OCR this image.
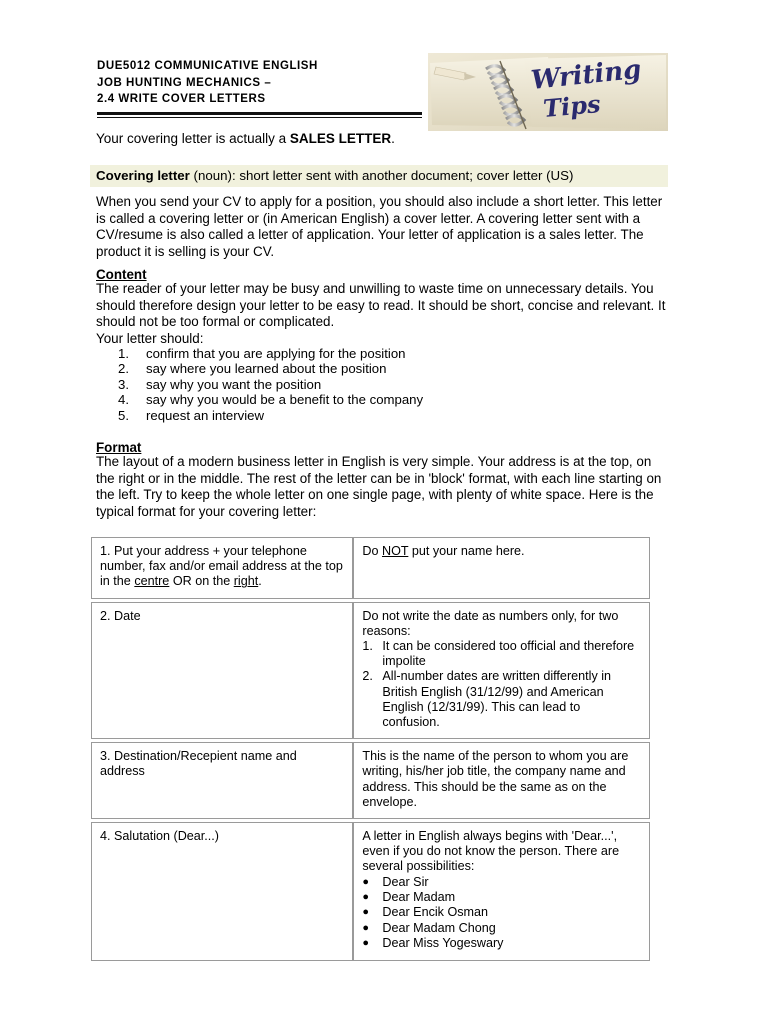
DUE5012 COMMUNICATIVE ENGLISH
JOB HUNTING MECHANICS –
2.4 WRITE COVER LETTERS
Writing
Tips
Your covering letter is actually a SALES LETTER.
Covering letter (noun): short letter sent with another document; cover letter (US)
When you send your CV to apply for a position, you should also include a short letter. This letter is called a covering letter or (in American English) a cover letter. A covering letter sent with a CV/resume is also called a letter of application. Your letter of application is a sales letter. The product it is selling is your CV.
Content
The reader of your letter may be busy and unwilling to waste time on unnecessary details. You should therefore design your letter to be easy to read. It should be short, concise and relevant. It should not be too formal or complicated.
Your letter should:
1.	confirm that you are applying for the position
2.	say where you learned about the position
3.	say why you want the position
4.	say why you would be a benefit to the company
5.	request an interview
Format
The layout of a modern business letter in English is very simple. Your address is at the top, on the right or in the middle. The rest of the letter can be in 'block' format, with each line starting on the left. Try to keep the whole letter on one single page, with plenty of white space. Here is the typical format for your covering letter:
1. Put your address + your telephone number, fax and/or email address at the top in the centre OR on the right.	Do NOT put your name here.
2. Date	Do not write the date as numbers only, for two reasons:
1. It can be considered too official and therefore impolite
2. All-number dates are written differently in British English (31/12/99) and American English (12/31/99). This can lead to confusion.

3. Destination/Recepient name and address	This is the name of the person to whom you are writing, his/her job title, the company name and address. This should be the same as on the envelope.
4. Salutation (Dear...)	A letter in English always begins with 'Dear...', even if you do not know the person. There are several possibilities:
●	Dear Sir
●	Dear Madam
●	Dear Encik Osman
●	Dear Madam Chong
●	Dear Miss Yogeswary
